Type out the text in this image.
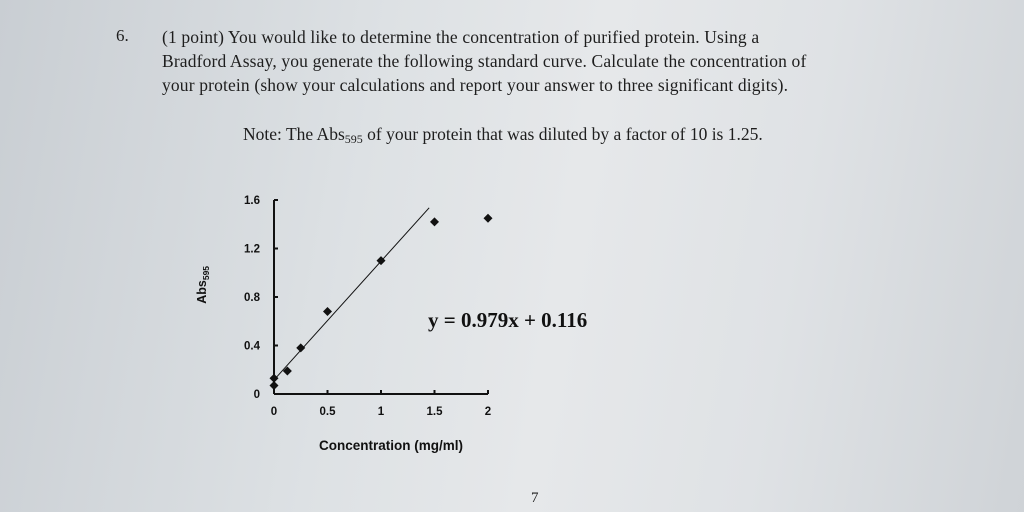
6. (1 point) You would like to determine the concentration of purified protein. Using a
Bradford Assay, you generate the following standard curve. Calculate the concentration of
your protein (show your calculations and report your answer to three significant digits).
Note: The Abs$_{595}$ of your protein that was diluted by a factor of 10 is 1.25.
0
0.4
0.8
1.2
1.6
0	0.5	1	1.5	2
Concentration (mg/ml)
Abs$_{595}$
y = 0.979x + 0.116
7
